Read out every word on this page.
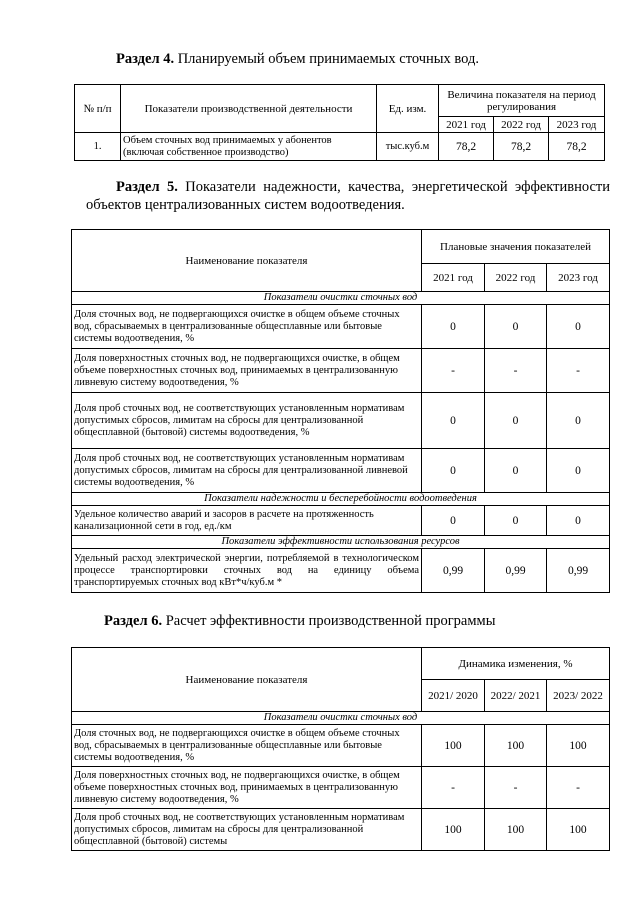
Раздел 4. Планируемый объем принимаемых сточных вод.
№ п/п	Показатели производственной деятельности	Ед. изм.	Величина показателя на период регулирования		
			2021 год	2022 год	2023 год
1.	Объем сточных вод принимаемых у абонентов (включая собственное производство)	тыс.куб.м	78,2	78,2	78,2
Раздел 5. Показатели надежности, качества, энергетической эффективности
объектов централизованных систем водоотведения.
Наименование показателя	Плановые значения показателей		
	2021 год	2022 год	2023 год
Показатели очистки сточных вод			
Доля сточных вод, не подвергающихся очистке в общем объеме сточных вод, сбрасываемых в централизованные общесплавные или бытовые системы водоотведения, %	0	0	0
Доля поверхностных сточных вод, не подвергающихся очистке, в общем объеме поверхностных сточных вод, принимаемых в централизованную ливневую систему водоотведения, %	-	-	-
Доля проб сточных вод, не соответствующих установленным нормативам допустимых сбросов, лимитам на сбросы для централизованной общесплавной (бытовой) системы водоотведения, %	0	0	0
Доля проб сточных вод, не соответствующих установленным нормативам допустимых сбросов, лимитам на сбросы для централизованной ливневой системы водоотведения, %	0	0	0
Показатели надежности и бесперебойности водоотведения			
Удельное количество аварий и засоров в расчете на протяженность канализационной сети в год, ед./км	0	0	0
Показатели эффективности использования ресурсов			
Удельный расход электрической энергии, потребляемой в технологическом процессе транспортировки сточных вод на единицу объема транспортируемых сточных вод кВт*ч/куб.м *	0,99	0,99	0,99
Раздел 6. Расчет эффективности производственной программы
Наименование показателя	Динамика изменения, %		
	2021/ 2020	2022/ 2021	2023/ 2022
Показатели очистки сточных вод			
Доля сточных вод, не подвергающихся очистке в общем объеме сточных вод, сбрасываемых в централизованные общесплавные или бытовые системы водоотведения, %	100	100	100
Доля поверхностных сточных вод, не подвергающихся очистке, в общем объеме поверхностных сточных вод, принимаемых в централизованную ливневую систему водоотведения, %	-	-	-
Доля проб сточных вод, не соответствующих установленным нормативам допустимых сбросов, лимитам на сбросы для централизованной общесплавной (бытовой) системы	100	100	100
